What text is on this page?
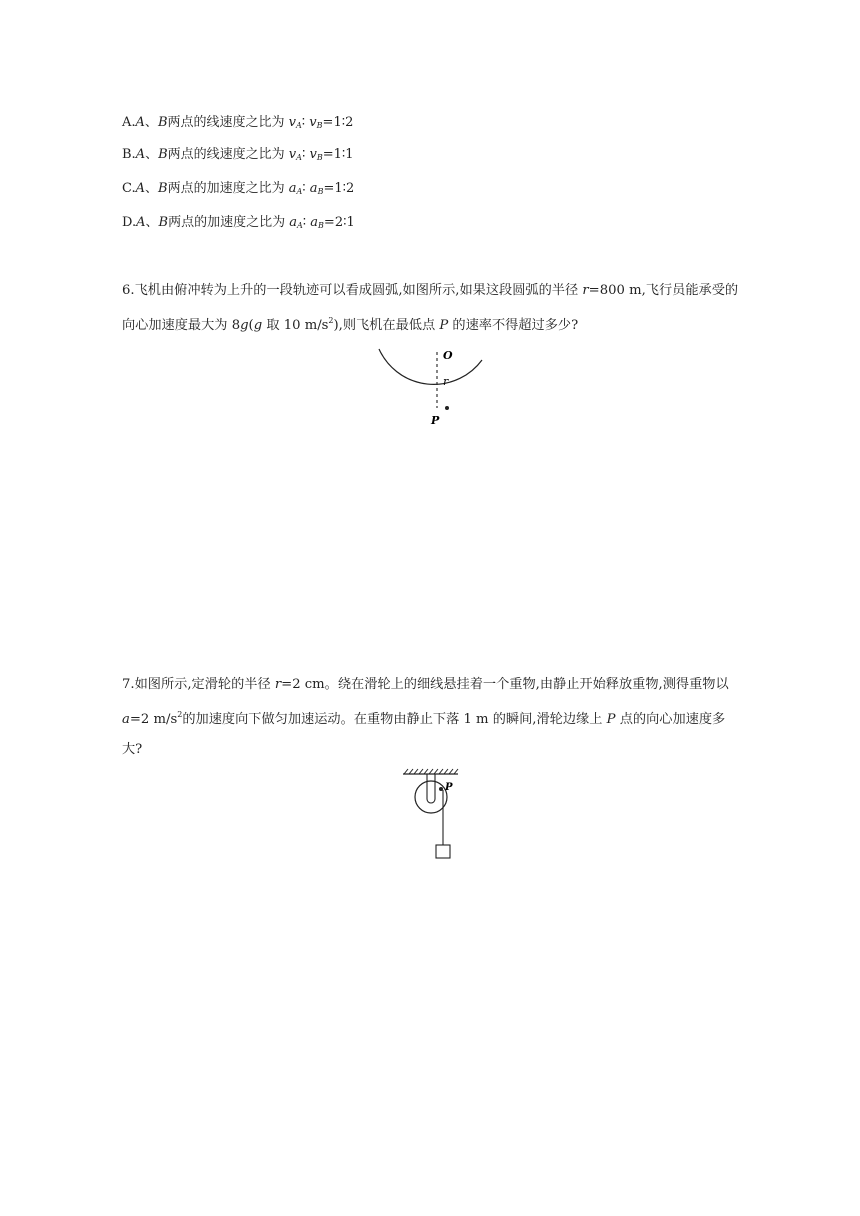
A.A、B两点的线速度之比为 $v_A∶$ $v_B=1∶2$
B.A、B两点的线速度之比为 $v_A∶$ $v_B=1∶1$
C.A、B两点的加速度之比为 $a_A∶$ $a_B=1∶2$
D.A、B两点的加速度之比为 $a_A∶$ $a_B=2∶1$
6.飞机由俯冲转为上升的一段轨迹可以看成圆弧,如图所示,如果这段圆弧的半径 r=800 m,飞行员能承受的向心加速度最大为 8g(g 取 10 $m/s^2$),则飞机在最低点 P 的速率不得超过多少?
O
r
P
7.如图所示,定滑轮的半径 r=2 cm。绕在滑轮上的细线悬挂着一个重物,由静止开始释放重物,测得重物以 a=2 $m/s^2$的加速度向下做匀加速运动。在重物由静止下落 1 m 的瞬间,滑轮边缘上 P 点的向心加速度多大?
P
